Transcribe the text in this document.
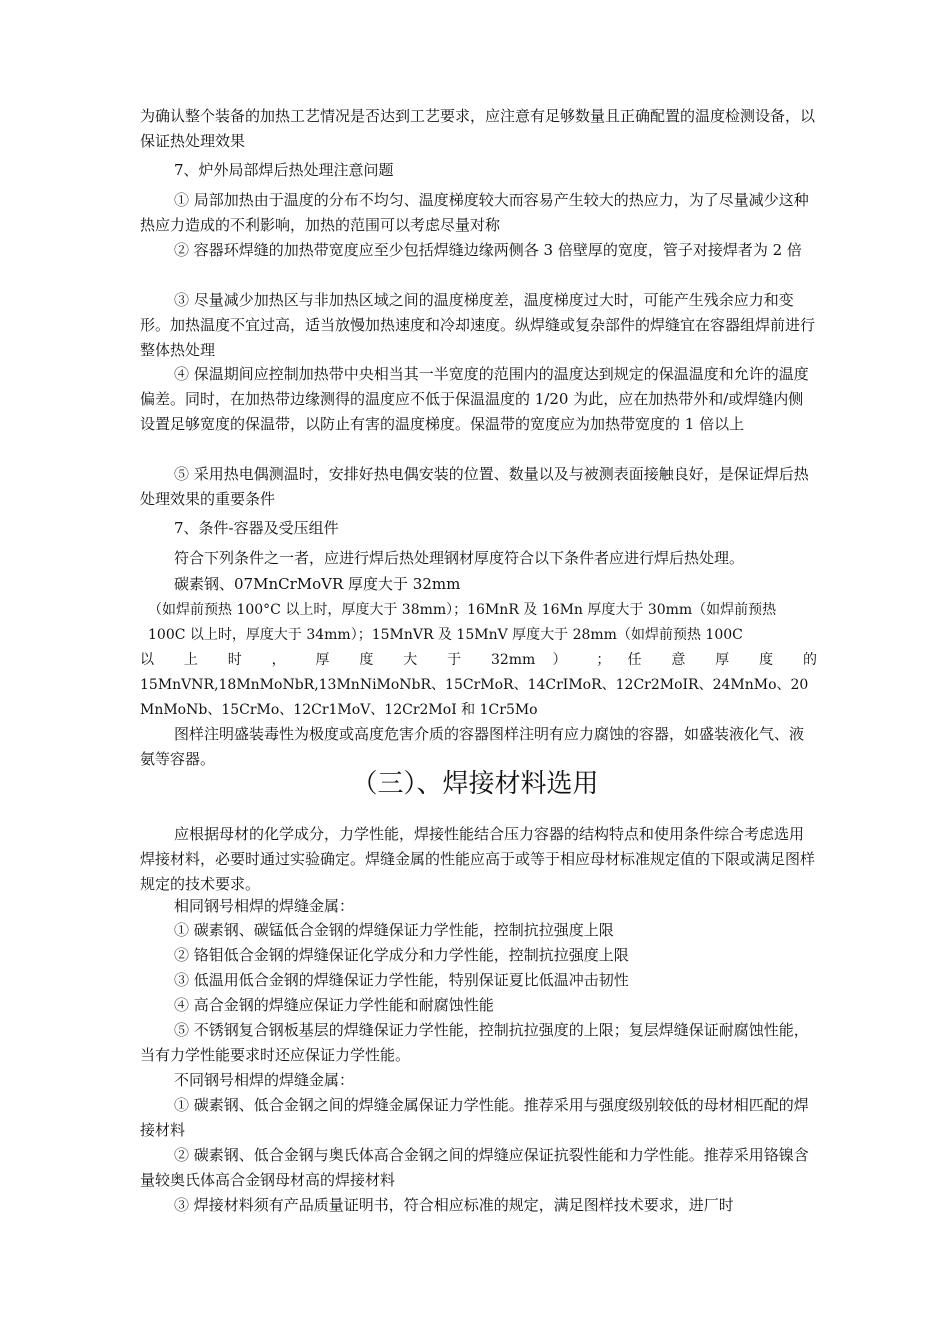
为确认整个装备的加热工艺情况是否达到工艺要求，应注意有足够数量且正确配置的温度检测设备，以保证热处理效果

7、炉外局部焊后热处理注意问题

① 局部加热由于温度的分布不均匀、温度梯度较大而容易产生较大的热应力，为了尽量减少这种热应力造成的不利影响，加热的范围可以考虑尽量对称

② 容器环焊缝的加热带宽度应至少包括焊缝边缘两侧各 3 倍壁厚的宽度，管子对接焊者为 2 倍

③ 尽量减少加热区与非加热区域之间的温度梯度差，温度梯度过大时，可能产生残余应力和变形。加热温度不宜过高，适当放慢加热速度和冷却速度。纵焊缝或复杂部件的焊缝宜在容器组焊前进行整体热处理

④ 保温期间应控制加热带中央相当其一半宽度的范围内的温度达到规定的保温温度和允许的温度偏差。同时，在加热带边缘测得的温度应不低于保温温度的 1/20 为此，应在加热带外和/或焊缝内侧设置足够宽度的保温带，以防止有害的温度梯度。保温带的宽度应为加热带宽度的 1 倍以上

⑤ 采用热电偶测温时，安排好热电偶安装的位置、数量以及与被测表面接触良好，是保证焊后热处理效果的重要条件

7、条件-容器及受压组件

符合下列条件之一者，应进行焊后热处理钢材厚度符合以下条件者应进行焊后热处理。

碳素钢、07MnCrMoVR 厚度大于 32mm

（如焊前预热 100°C 以上时，厚度大于 38mm）；16MnR 及 16Mn 厚度大于 30mm（如焊前预热 100C 以上时，厚度大于 34mm）；15MnVR 及 15MnV 厚度大于 28mm（如焊前预热 100C

以 上 时 ， 厚 度 大 于 32mm ） ； 任 意 厚 度 的

15MnVNR,18MnMoNbR,13MnNiMoNbR、15CrMoR、14CrIMoR、12Cr2MoIR、24MnMo、20MnMoNb、15CrMo、12Cr1MoV、12Cr2MoI 和 1Cr5Mo

图样注明盛装毒性为极度或高度危害介质的容器图样注明有应力腐蚀的容器，如盛装液化气、液氨等容器。

（三）、焊接材料选用

应根据母材的化学成分，力学性能，焊接性能结合压力容器的结构特点和使用条件综合考虑选用焊接材料，必要时通过实验确定。焊缝金属的性能应高于或等于相应母材标准规定值的下限或满足图样规定的技术要求。

相同钢号相焊的焊缝金属：

① 碳素钢、碳锰低合金钢的焊缝保证力学性能，控制抗拉强度上限

② 铬钼低合金钢的焊缝保证化学成分和力学性能，控制抗拉强度上限

③ 低温用低合金钢的焊缝保证力学性能，特别保证夏比低温冲击韧性

④ 高合金钢的焊缝应保证力学性能和耐腐蚀性能

⑤ 不锈钢复合钢板基层的焊缝保证力学性能，控制抗拉强度的上限；复层焊缝保证耐腐蚀性能，当有力学性能要求时还应保证力学性能。

不同钢号相焊的焊缝金属：

① 碳素钢、低合金钢之间的焊缝金属保证力学性能。推荐采用与强度级别较低的母材相匹配的焊接材料

② 碳素钢、低合金钢与奥氏体高合金钢之间的焊缝应保证抗裂性能和力学性能。推荐采用铬镍含量较奥氏体高合金钢母材高的焊接材料

③ 焊接材料须有产品质量证明书，符合相应标准的规定，满足图样技术要求，进厂时
